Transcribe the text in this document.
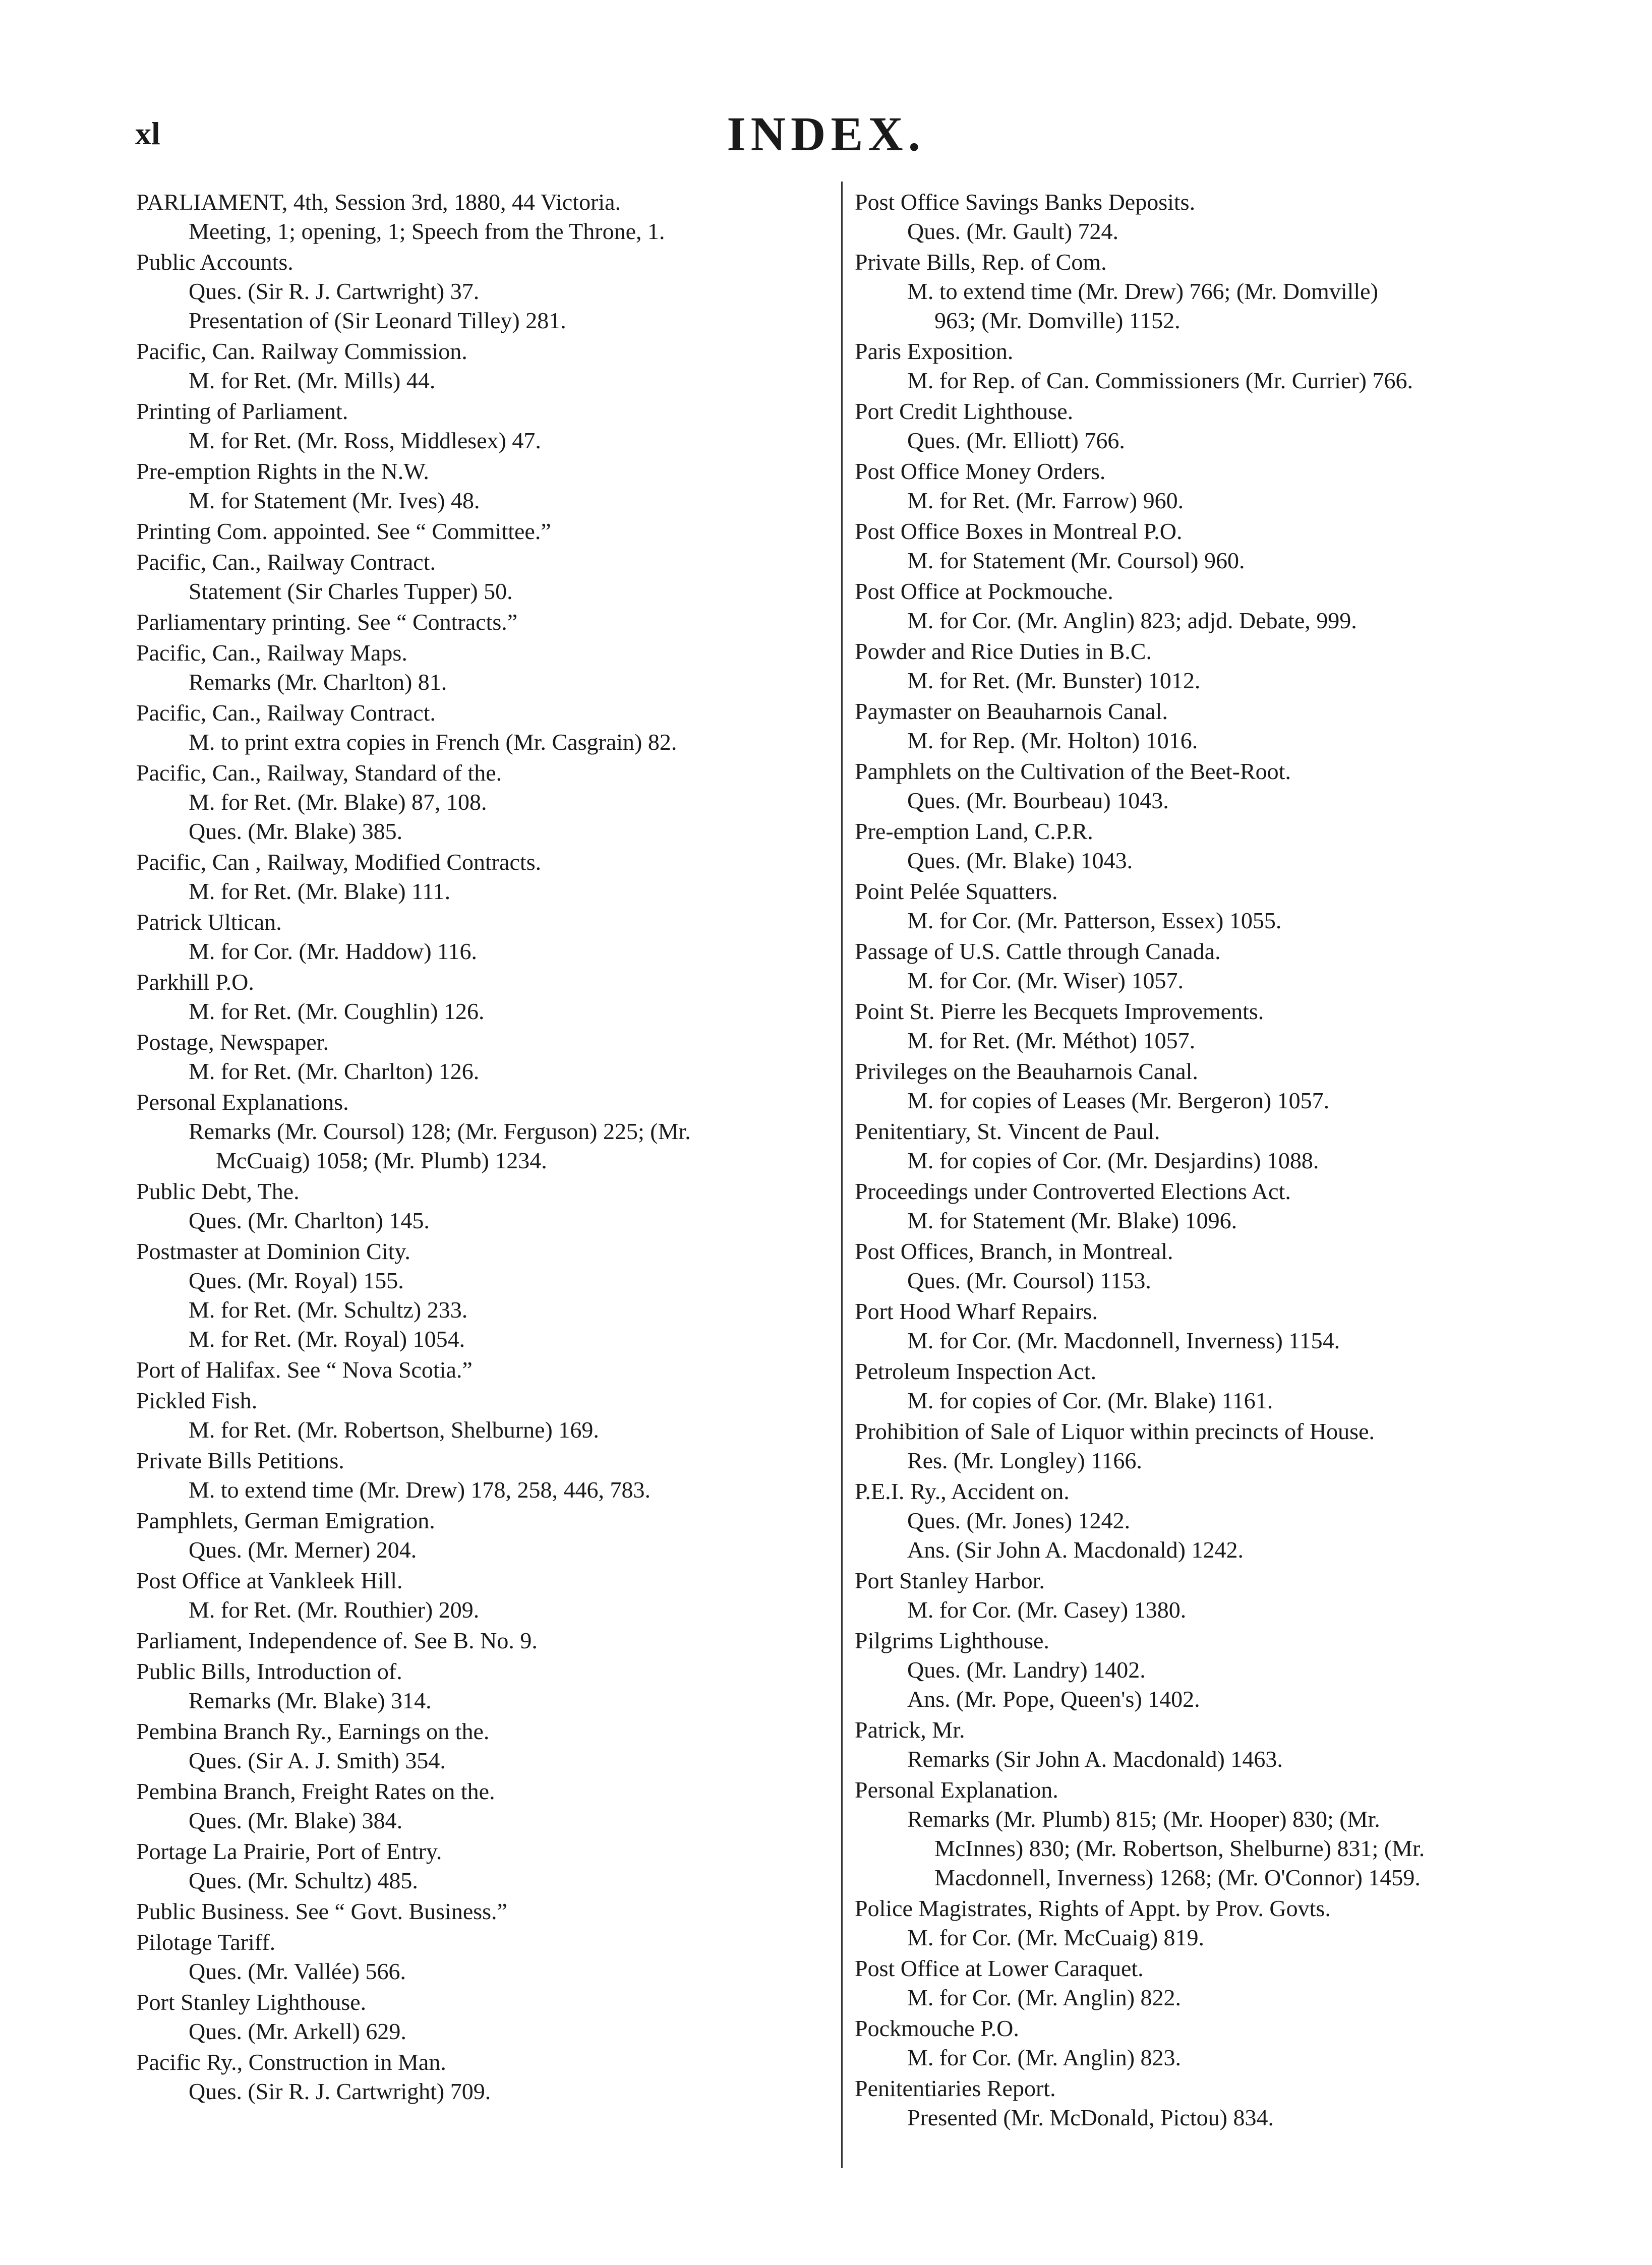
xl	INDEX.
PARLIAMENT, 4th, Session 3rd, 1880, 44 Victoria.
Meeting, 1; opening, 1; Speech from the Throne, 1.
Public Accounts.
Ques. (Sir R. J. Cartwright) 37.
Presentation of (Sir Leonard Tilley) 281.
Pacific, Can. Railway Commission.
M. for Ret. (Mr. Mills) 44.
Printing of Parliament.
M. for Ret. (Mr. Ross, Middlesex) 47.
Pre-emption Rights in the N.W.
M. for Statement (Mr. Ives) 48.
Printing Com. appointed. See “ Committee.”
Pacific, Can., Railway Contract.
Statement (Sir Charles Tupper) 50.
Parliamentary printing. See “ Contracts.”
Pacific, Can., Railway Maps.
Remarks (Mr. Charlton) 81.
Pacific, Can., Railway Contract.
M. to print extra copies in French (Mr. Casgrain) 82.
Pacific, Can., Railway, Standard of the.
M. for Ret. (Mr. Blake) 87, 108.
Ques. (Mr. Blake) 385.
Pacific, Can , Railway, Modified Contracts.
M. for Ret. (Mr. Blake) 111.
Patrick Ultican.
M. for Cor. (Mr. Haddow) 116.
Parkhill P.O.
M. for Ret. (Mr. Coughlin) 126.
Postage, Newspaper.
M. for Ret. (Mr. Charlton) 126.
Personal Explanations.
Remarks (Mr. Coursol) 128; (Mr. Ferguson) 225; (Mr.
McCuaig) 1058; (Mr. Plumb) 1234.
Public Debt, The.
Ques. (Mr. Charlton) 145.
Postmaster at Dominion City.
Ques. (Mr. Royal) 155.
M. for Ret. (Mr. Schultz) 233.
M. for Ret. (Mr. Royal) 1054.
Port of Halifax. See “ Nova Scotia.”
Pickled Fish.
M. for Ret. (Mr. Robertson, Shelburne) 169.
Private Bills Petitions.
M. to extend time (Mr. Drew) 178, 258, 446, 783.
Pamphlets, German Emigration.
Ques. (Mr. Merner) 204.
Post Office at Vankleek Hill.
M. for Ret. (Mr. Routhier) 209.
Parliament, Independence of. See B. No. 9.
Public Bills, Introduction of.
Remarks (Mr. Blake) 314.
Pembina Branch Ry., Earnings on the.
Ques. (Sir A. J. Smith) 354.
Pembina Branch, Freight Rates on the.
Ques. (Mr. Blake) 384.
Portage La Prairie, Port of Entry.
Ques. (Mr. Schultz) 485.
Public Business. See “ Govt. Business.”
Pilotage Tariff.
Ques. (Mr. Vallée) 566.
Port Stanley Lighthouse.
Ques. (Mr. Arkell) 629.
Pacific Ry., Construction in Man.
Ques. (Sir R. J. Cartwright) 709.
Post Office Savings Banks Deposits.
Ques. (Mr. Gault) 724.
Private Bills, Rep. of Com.
M. to extend time (Mr. Drew) 766; (Mr. Domville)
963; (Mr. Domville) 1152.
Paris Exposition.
M. for Rep. of Can. Commissioners (Mr. Currier) 766.
Port Credit Lighthouse.
Ques. (Mr. Elliott) 766.
Post Office Money Orders.
M. for Ret. (Mr. Farrow) 960.
Post Office Boxes in Montreal P.O.
M. for Statement (Mr. Coursol) 960.
Post Office at Pockmouche.
M. for Cor. (Mr. Anglin) 823; adjd. Debate, 999.
Powder and Rice Duties in B.C.
M. for Ret. (Mr. Bunster) 1012.
Paymaster on Beauharnois Canal.
M. for Rep. (Mr. Holton) 1016.
Pamphlets on the Cultivation of the Beet-Root.
Ques. (Mr. Bourbeau) 1043.
Pre-emption Land, C.P.R.
Ques. (Mr. Blake) 1043.
Point Pelée Squatters.
M. for Cor. (Mr. Patterson, Essex) 1055.
Passage of U.S. Cattle through Canada.
M. for Cor. (Mr. Wiser) 1057.
Point St. Pierre les Becquets Improvements.
M. for Ret. (Mr. Méthot) 1057.
Privileges on the Beauharnois Canal.
M. for copies of Leases (Mr. Bergeron) 1057.
Penitentiary, St. Vincent de Paul.
M. for copies of Cor. (Mr. Desjardins) 1088.
Proceedings under Controverted Elections Act.
M. for Statement (Mr. Blake) 1096.
Post Offices, Branch, in Montreal.
Ques. (Mr. Coursol) 1153.
Port Hood Wharf Repairs.
M. for Cor. (Mr. Macdonnell, Inverness) 1154.
Petroleum Inspection Act.
M. for copies of Cor. (Mr. Blake) 1161.
Prohibition of Sale of Liquor within precincts of House.
Res. (Mr. Longley) 1166.
P.E.I. Ry., Accident on.
Ques. (Mr. Jones) 1242.
Ans. (Sir John A. Macdonald) 1242.
Port Stanley Harbor.
M. for Cor. (Mr. Casey) 1380.
Pilgrims Lighthouse.
Ques. (Mr. Landry) 1402.
Ans. (Mr. Pope, Queen's) 1402.
Patrick, Mr.
Remarks (Sir John A. Macdonald) 1463.
Personal Explanation.
Remarks (Mr. Plumb) 815; (Mr. Hooper) 830; (Mr.
McInnes) 830; (Mr. Robertson, Shelburne) 831; (Mr.
Macdonnell, Inverness) 1268; (Mr. O'Connor) 1459.
Police Magistrates, Rights of Appt. by Prov. Govts.
M. for Cor. (Mr. McCuaig) 819.
Post Office at Lower Caraquet.
M. for Cor. (Mr. Anglin) 822.
Pockmouche P.O.
M. for Cor. (Mr. Anglin) 823.
Penitentiaries Report.
Presented (Mr. McDonald, Pictou) 834.
